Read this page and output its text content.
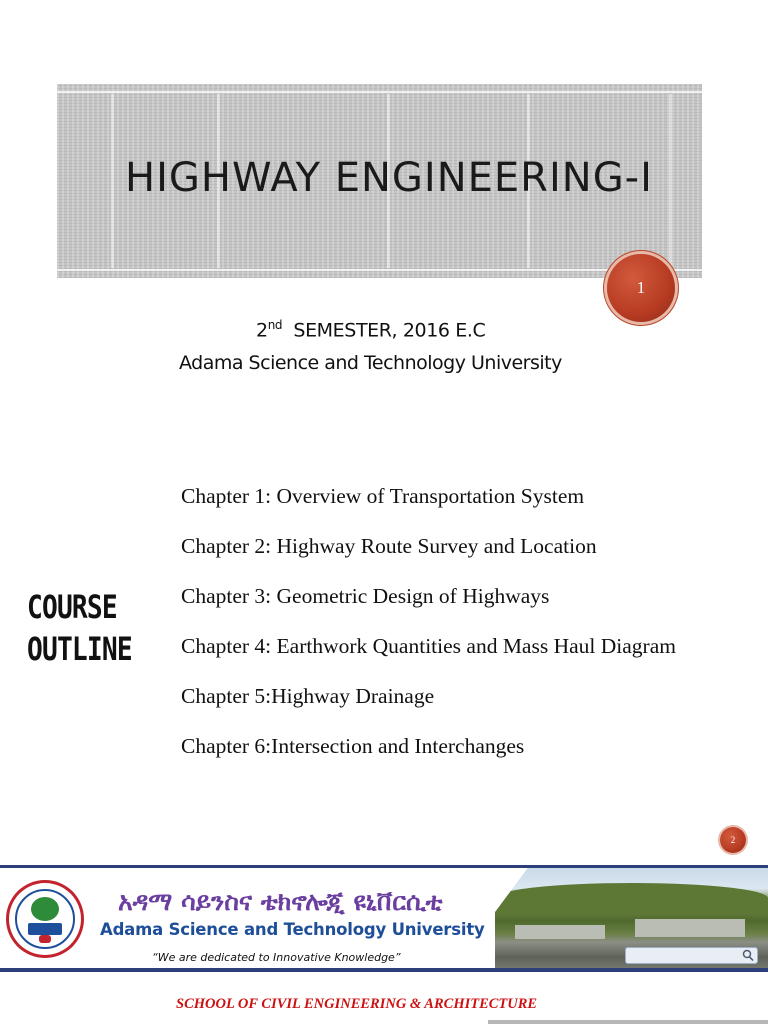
HIGHWAY ENGINEERING-I
1
2nd  SEMESTER, 2016 E.C
Adama Science and Technology University
COURSE
OUTLINE
Chapter 1: Overview of Transportation System
Chapter 2: Highway Route Survey and Location
Chapter 3: Geometric Design of Highways
Chapter 4: Earthwork Quantities and Mass Haul Diagram
Chapter 5:Highway Drainage
Chapter 6:Intersection and Interchanges
2
አዳማ ሳይንስና ቴክኖሎጂ ዩኒቨርሲቲ
Adama Science and Technology University
“We are dedicated to Innovative Knowledge”
SCHOOL OF CIVIL ENGINEERING & ARCHITECTURE
